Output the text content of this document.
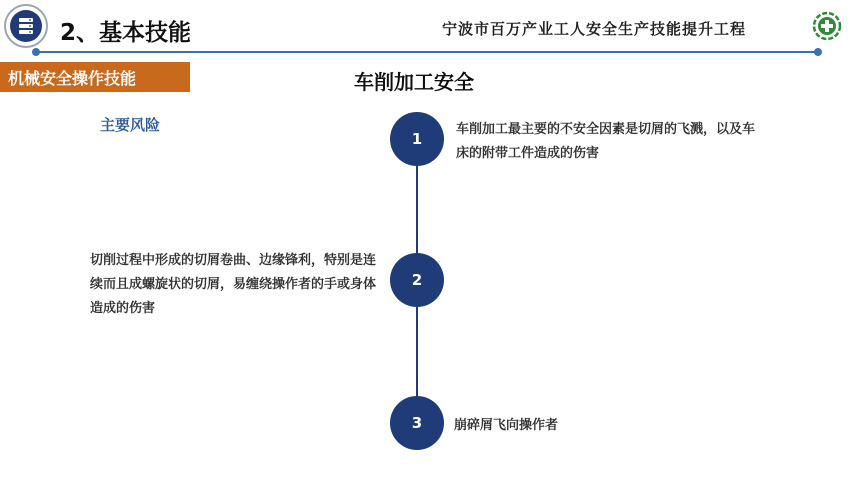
2、基本技能	宁波市百万产业工人安全生产技能提升工程
机械安全操作技能	车削加工安全
主要风险
1
车削加工最主要的不安全因素是切屑的飞溅，以及车床的附带工件造成的伤害
2
切削过程中形成的切屑卷曲、边缘锋利，特别是连续而且成螺旋状的切屑，易缠绕操作者的手或身体造成的伤害
3 崩碎屑飞向操作者
